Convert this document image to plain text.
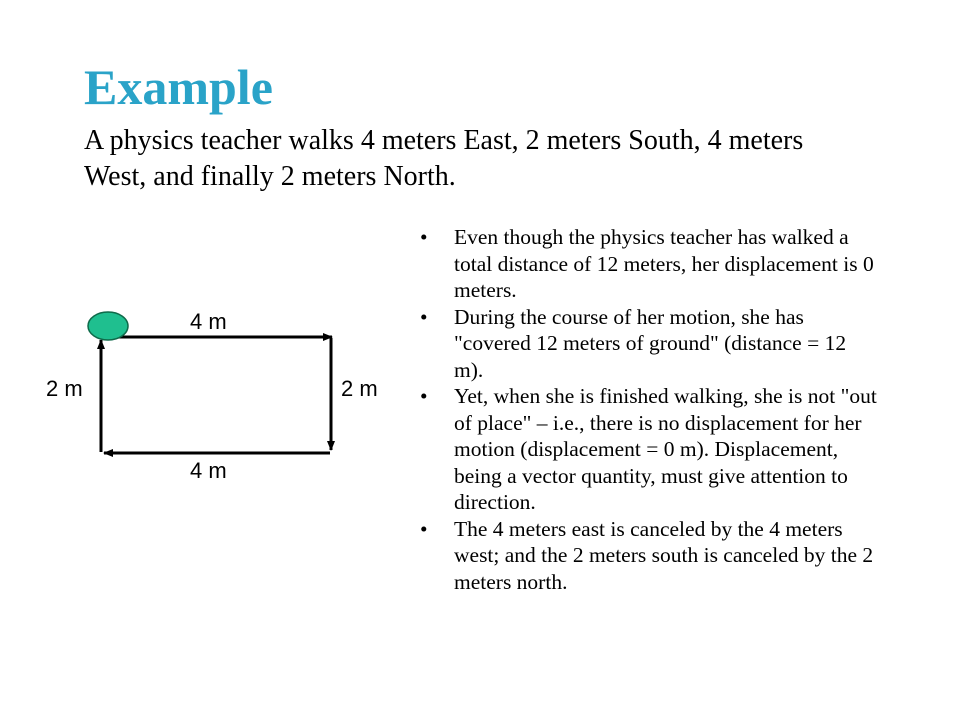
Example

A physics teacher walks 4 meters East, 2 meters South, 4 meters West, and finally 2 meters North.

4 m
4 m
2 m	2 m
• Even though the physics teacher has walked a total distance of 12 meters, her displacement is 0 meters.
• During the course of her motion, she has "covered 12 meters of ground" (distance = 12 m).
• Yet, when she is finished walking, she is not "out of place" – i.e., there is no displacement for her motion (displacement = 0 m). Displacement, being a vector quantity, must give attention to direction.
• The 4 meters east is canceled by the 4 meters west; and the 2 meters south is canceled by the 2 meters north.
